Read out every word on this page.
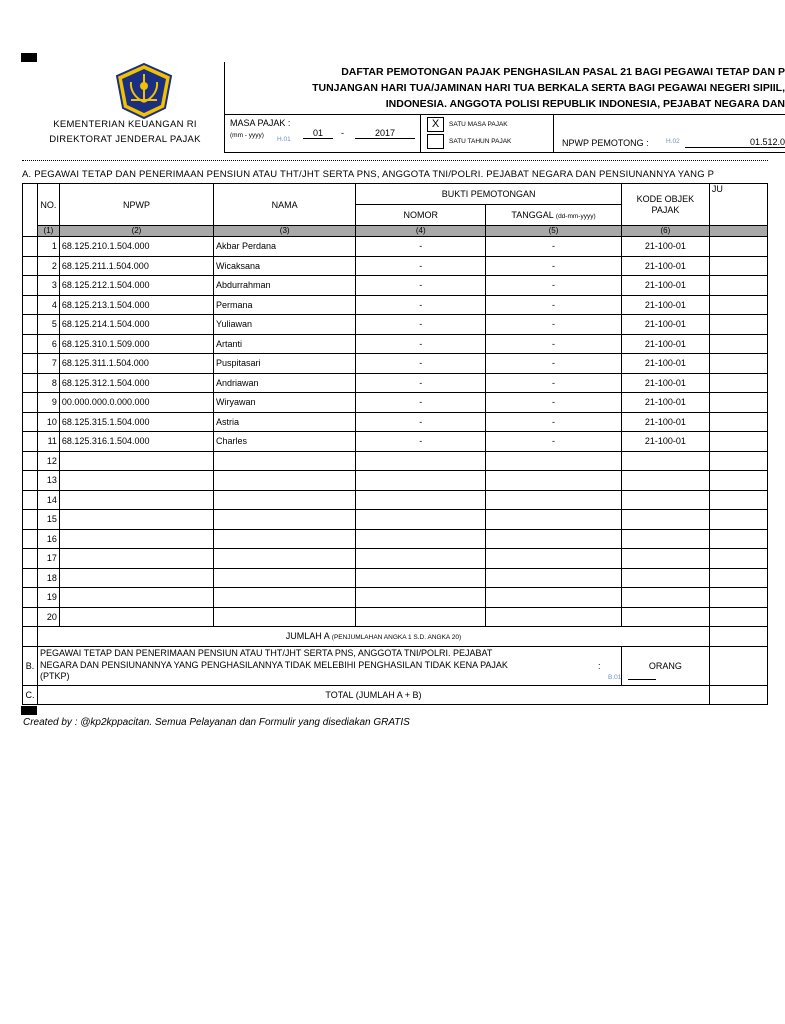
KEMENTERIAN KEUANGAN RI
DIREKTORAT JENDERAL PAJAK
DAFTAR PEMOTONGAN PAJAK PENGHASILAN PASAL 21 BAGI PEGAWAI TETAP DAN P
TUNJANGAN HARI TUA/JAMINAN HARI TUA BERKALA SERTA BAGI PEGAWAI NEGERI SIPIIL,
INDONESIA. ANGGOTA POLISI REPUBLIK INDONESIA, PEJABAT NEGARA DAN
MASA PAJAK :
(mm - yyyy)
H.01
01	-	2017
X	SATU MASA PAJAK
SATU TAHUN PAJAK	NPWP PEMOTONG :	H.02	01.512.0
A. PEGAWAI TETAP DAN PENERIMAAN PENSIUN ATAU THT/JHT SERTA PNS, ANGGOTA TNI/POLRI. PEJABAT NEGARA DAN PENSIUNANNYA YANG P
	NO.	NPWP	NAMA	BUKTI PEMOTONGAN		KODE OBJEK
PAJAK	JU
				NOMOR	TANGGAL (dd-mm-yyyy)		
	(1)	(2)	(3)	(4)	(5)	(6)	
	1	68.125.210.1.504.000	Akbar Perdana	-	-	21-100-01	
	2	68.125.211.1.504.000	Wicaksana	-	-	21-100-01	
	3	68.125.212.1.504.000	Abdurrahman	-	-	21-100-01	
	4	68.125.213.1.504.000	Permana	-	-	21-100-01	
	5	68.125.214.1.504.000	Yuliawan	-	-	21-100-01	
	6	68.125.310.1.509.000	Artanti	-	-	21-100-01	
	7	68.125.311.1.504.000	Puspitasari	-	-	21-100-01	
	8	68.125.312.1.504.000	Andriawan	-	-	21-100-01	
	9	00.000.000.0.000.000	Wiryawan	-	-	21-100-01	
	10	68.125.315.1.504.000	Astria	-	-	21-100-01	
	11	68.125.316.1.504.000	Charles	-	-	21-100-01	
	12						
	13						
	14						
	15						
	16						
	17						
	18						
	19						
	20						
	JUMLAH A (PENJUMLAHAN ANGKA 1 S.D. ANGKA 20)						
B.	PEGAWAI TETAP DAN PENERIMAAN PENSIUN ATAU THT/JHT SERTA PNS, ANGGOTA TNI/POLRI. PEJABAT
NEGARA DAN PENSIUNANNYA YANG PENGHASILANNYA TIDAK MELEBIHI PENGHASILAN TIDAK KENA PAJAK
(PTKP)
:
B.01					ORANG	
C.	TOTAL (JUMLAH A + B)						
Created by : @kp2kppacitan. Semua Pelayanan dan Formulir yang disediakan GRATIS
